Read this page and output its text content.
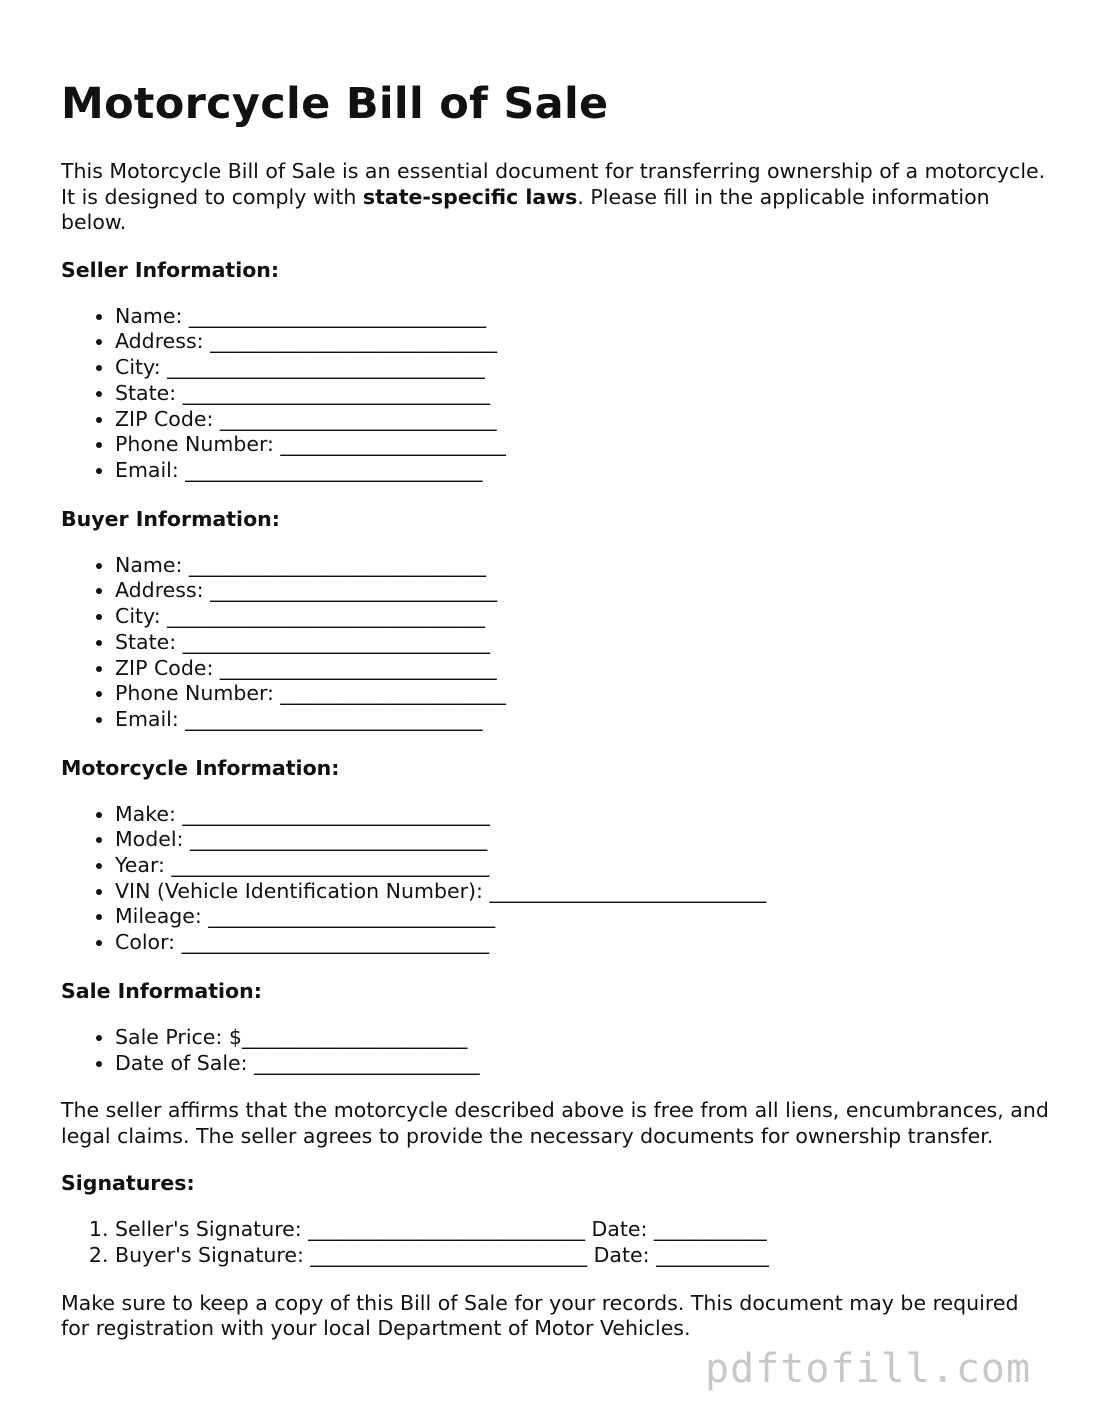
Motorcycle Bill of Sale

This Motorcycle Bill of Sale is an essential document for transferring ownership of a motorcycle. It is designed to comply with state-specific laws. Please fill in the applicable information below.

Seller Information:
• Name: _____________________________
• Address: ____________________________
• City: _______________________________
• State: ______________________________
• ZIP Code: ___________________________
• Phone Number: ______________________
• Email: _____________________________
Buyer Information:
• Name: _____________________________
• Address: ____________________________
• City: _______________________________
• State: ______________________________
• ZIP Code: ___________________________
• Phone Number: ______________________
• Email: _____________________________
Motorcycle Information:
• Make: ______________________________
• Model: _____________________________
• Year: _______________________________
• VIN (Vehicle Identification Number): ___________________________
• Mileage: ____________________________
• Color: ______________________________
Sale Information:
• Sale Price: $______________________
• Date of Sale: ______________________

The seller affirms that the motorcycle described above is free from all liens, encumbrances, and legal claims. The seller agrees to provide the necessary documents for ownership transfer.

Signatures:
1. Seller's Signature: ___________________________ Date: ___________
2. Buyer's Signature: ___________________________ Date: ___________

Make sure to keep a copy of this Bill of Sale for your records. This document may be required for registration with your local Department of Motor Vehicles.

pdftofill.com
